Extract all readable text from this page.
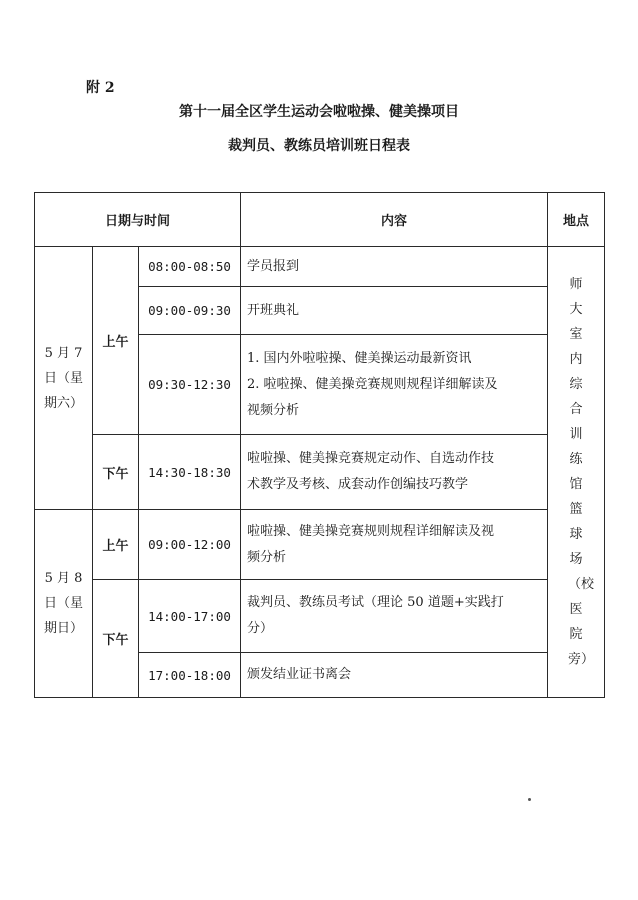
附 2
第十一届全区学生运动会啦啦操、健美操项目
裁判员、教练员培训班日程表
日期与时间			内容	地点

5 月 7
日（星
期六）	上午	08:00-08:50	学员报到	师大室内综合训练馆篮球场（校医院旁）
		09:00-09:30	开班典礼	

		09:30-12:30	1. 国内外啦啦操、健美操运动最新资讯
2. 啦啦操、健美操竞赛规则规程详细解读及
视频分析	

	下午	14:30-18:30	啦啦操、健美操竞赛规定动作、自选动作技
术教学及考核、成套动作创编技巧教学	

5 月 8
日（星
期日）	上午	09:00-12:00	啦啦操、健美操竞赛规则规程详细解读及视
频分析	

	下午	14:00-17:00	裁判员、教练员考试（理论 50 道题+实践打
分）	

		17:00-18:00	颁发结业证书离会	
